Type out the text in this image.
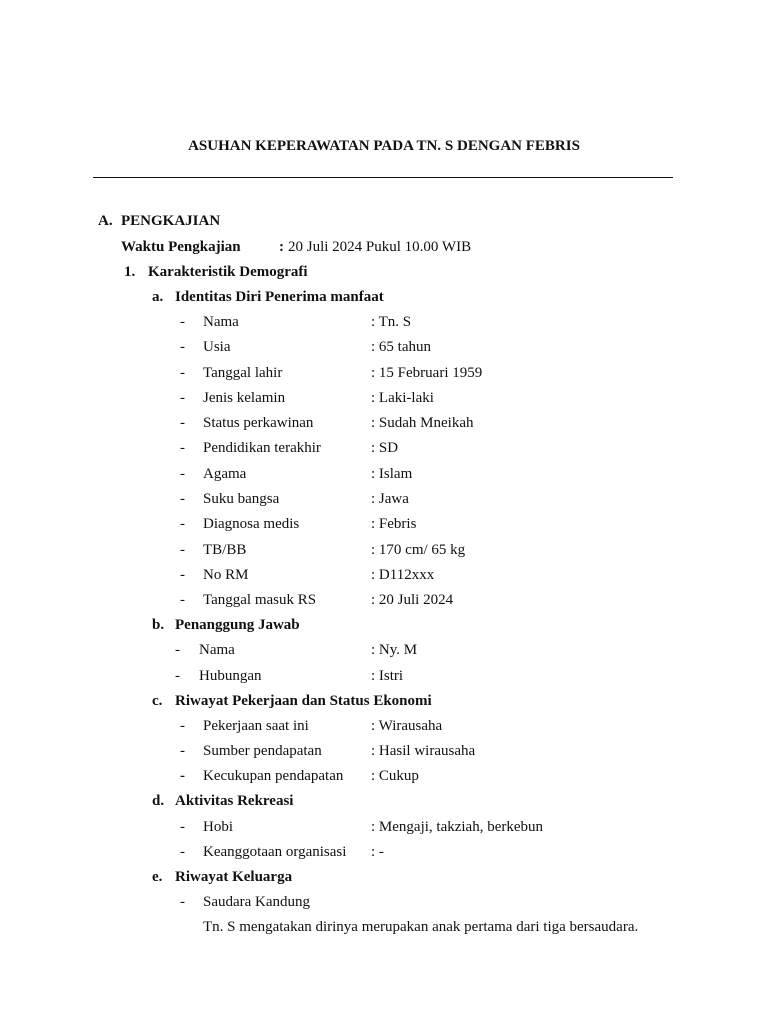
ASUHAN KEPERAWATAN PADA TN. S DENGAN FEBRIS
A. PENGKAJIAN
Waktu Pengkajian	: 20 Juli 2024 Pukul 10.00 WIB
1. Karakteristik Demografi
a. Identitas Diri Penerima manfaat
- Nama	: Tn. S
- Usia	: 65 tahun
- Tanggal lahir	: 15 Februari 1959
- Jenis kelamin	: Laki-laki
- Status perkawinan	: Sudah Mneikah
- Pendidikan terakhir	: SD
- Agama	: Islam
- Suku bangsa	: Jawa
- Diagnosa medis	: Febris
- TB/BB	: 170 cm/ 65 kg
- No RM	: D112xxx
- Tanggal masuk RS	: 20 Juli 2024
b. Penanggung Jawab
- Nama	: Ny. M
- Hubungan	: Istri
c. Riwayat Pekerjaan dan Status Ekonomi
- Pekerjaan saat ini	: Wirausaha
- Sumber pendapatan	: Hasil wirausaha
- Kecukupan pendapatan : Cukup
d. Aktivitas Rekreasi
- Hobi	: Mengaji, takziah, berkebun
- Keanggotaan organisasi : -
e. Riwayat Keluarga
- Saudara Kandung
Tn. S mengatakan dirinya merupakan anak pertama dari tiga bersaudara.
